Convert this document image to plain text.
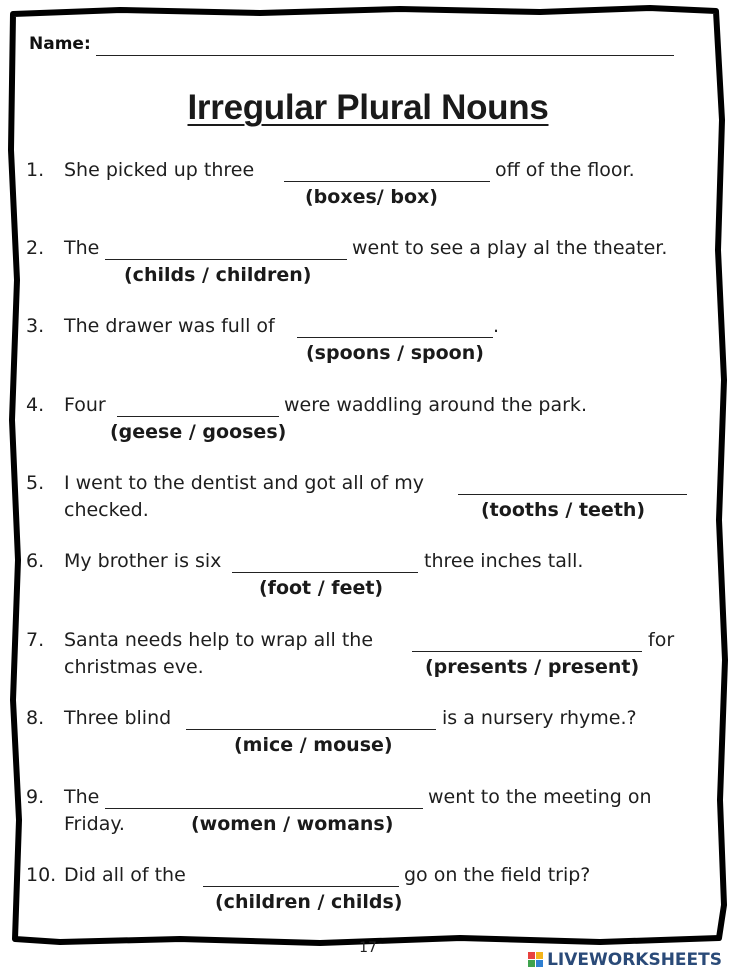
Name:
Irregular Plural Nouns
1. She picked up three	off of the floor.
(boxes/ box)
2. The	went to see a play al the theater.
(childs / children)
3. The drawer was full of	.
(spoons / spoon)
4. Four	were waddling around the park.
(geese / gooses)
5. I went to the dentist and got all of my
checked.	(tooths / teeth)
6. My brother is six	three inches tall.
(foot / feet)
7. Santa needs help to wrap all the	for
christmas eve.	(presents / present)
8. Three blind	is a nursery rhyme.?
(mice / mouse)
9. The	went to the meeting on
Friday.	(women / womans)
10. Did all of the	go on the field trip?
(children / childs)
17
LIVEWORKSHEETS
